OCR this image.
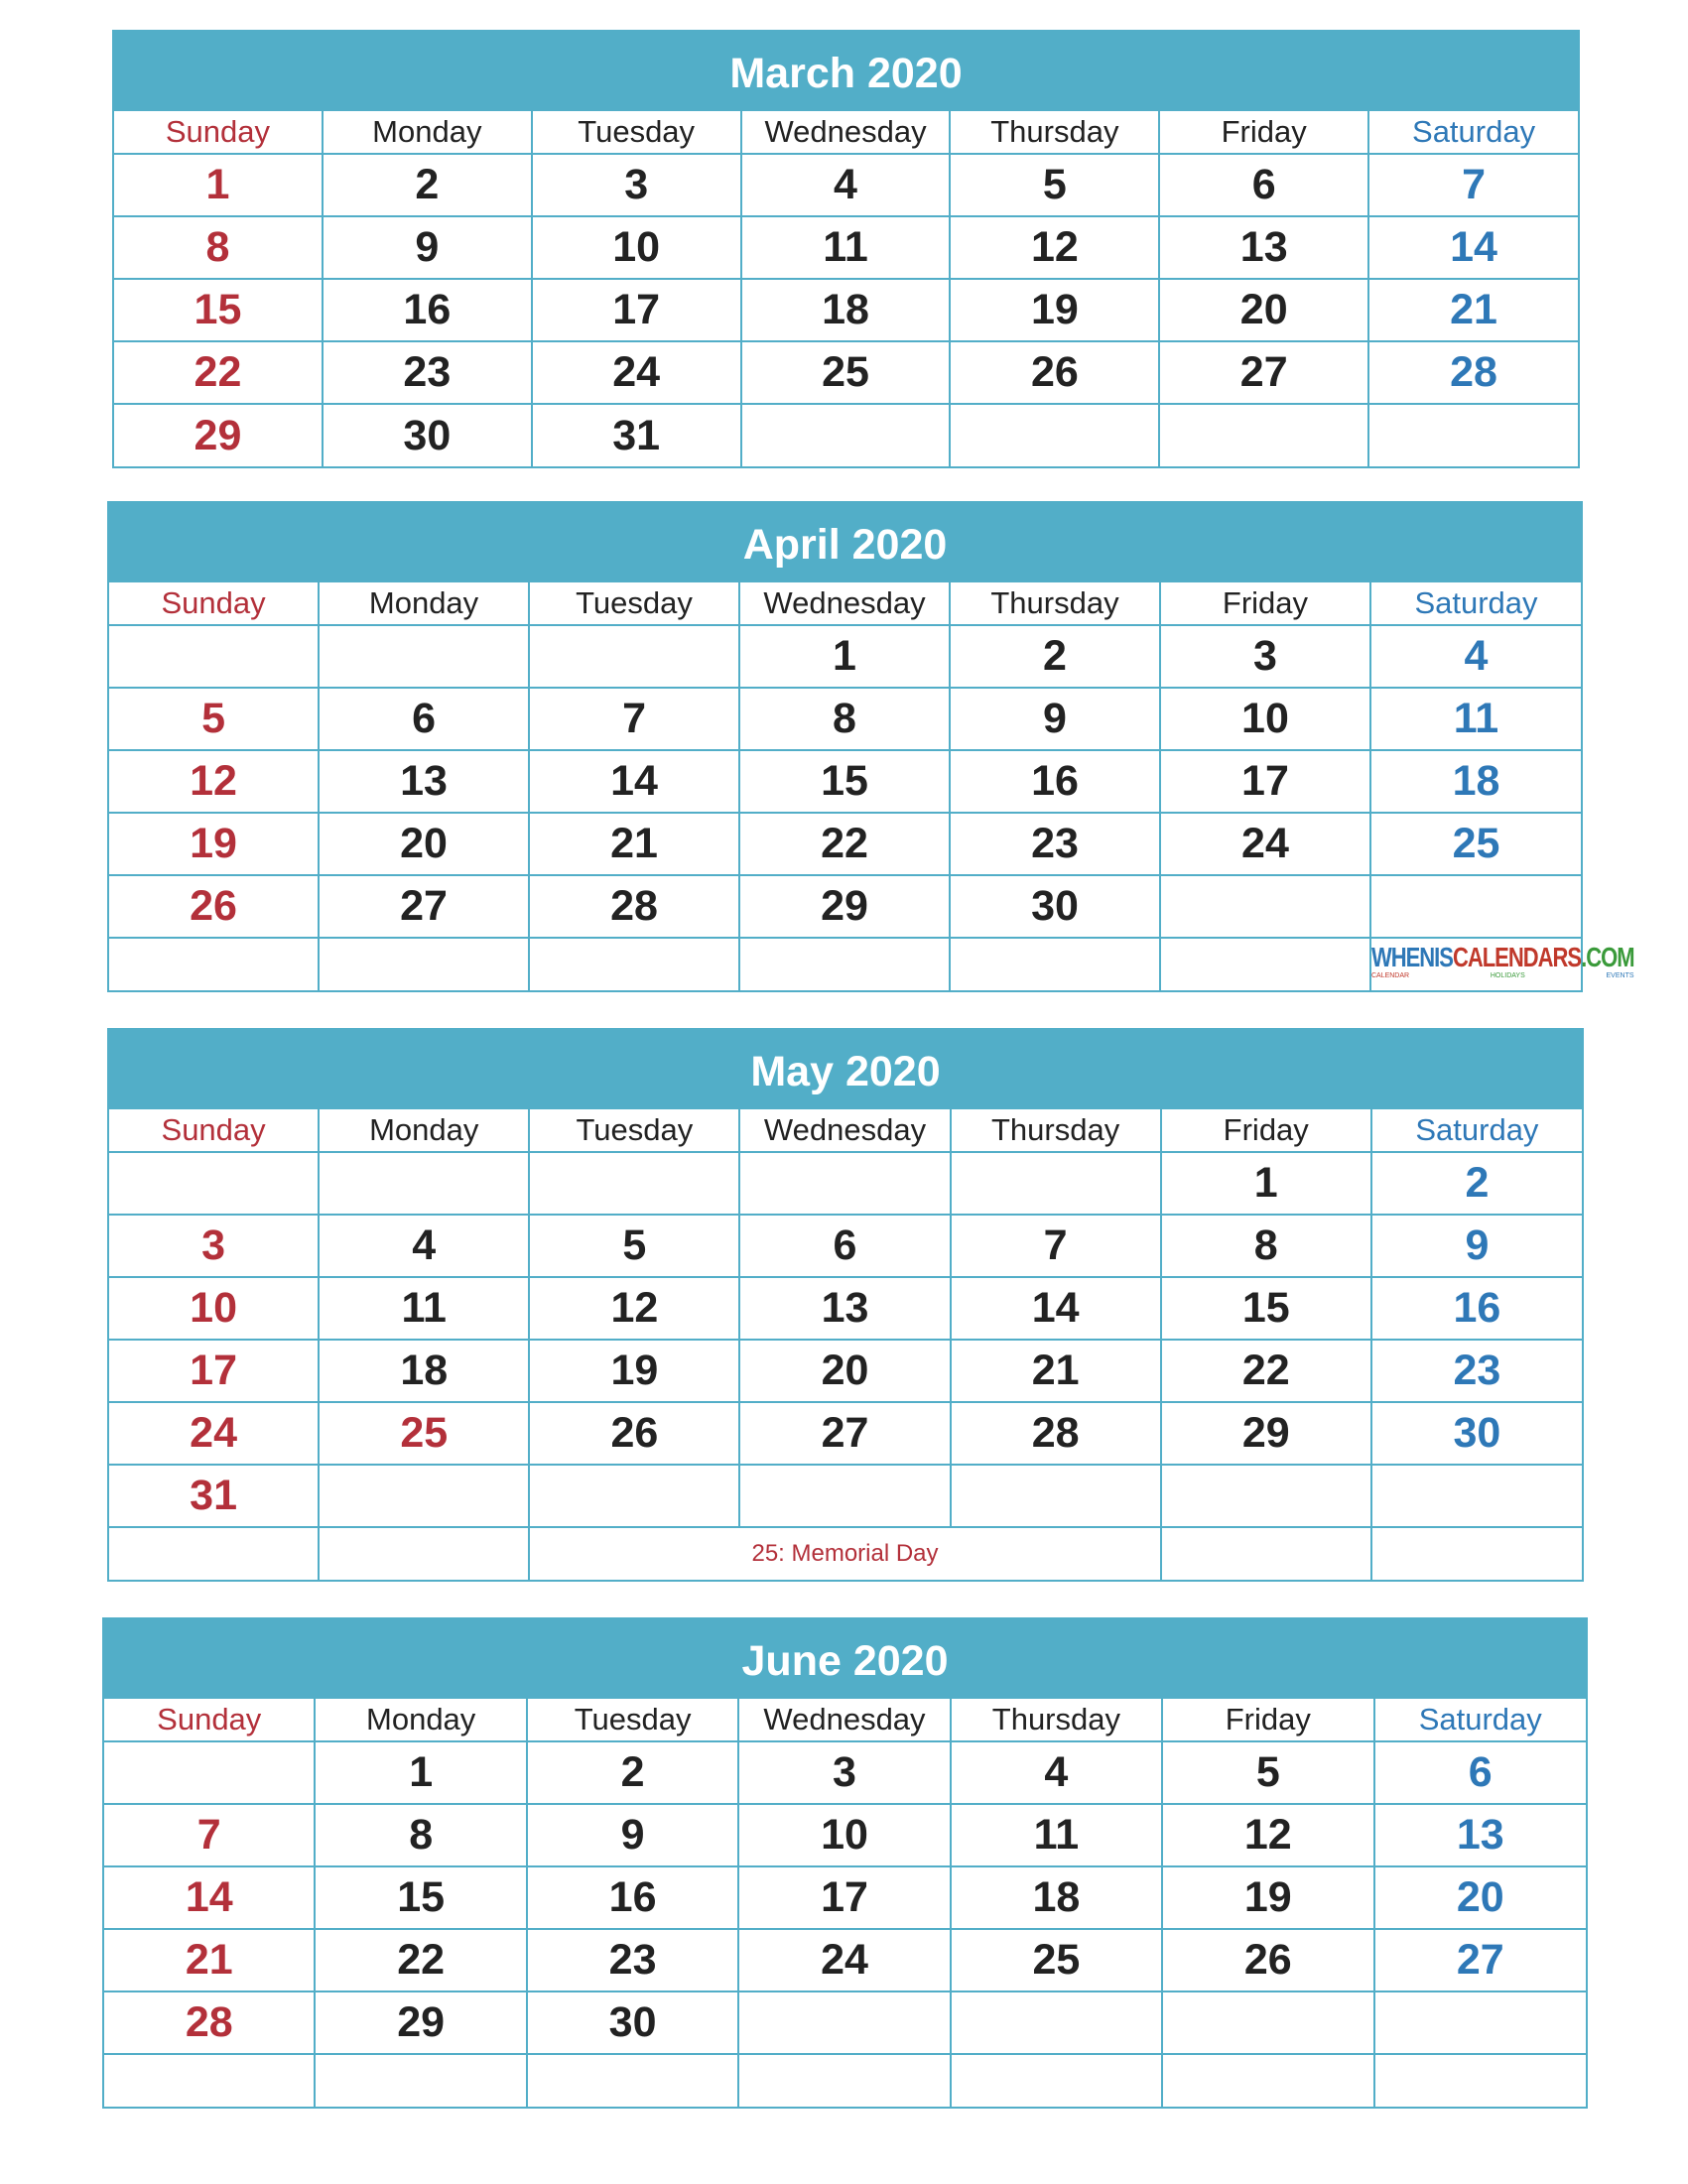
March 2020
Sunday	Monday	Tuesday	Wednesday	Thursday	Friday	Saturday
1	2	3	4	5	6	7
8	9	10	11	12	13	14
15	16	17	18	19	20	21
22	23	24	25	26	27	28
29	30	31				
April 2020
Sunday	Monday	Tuesday	Wednesday	Thursday	Friday	Saturday
			1	2	3	4
5	6	7	8	9	10	11
12	13	14	15	16	17	18
19	20	21	22	23	24	25
26	27	28	29	30		
						WHENISCALENDARS.COM
CALENDAR HOLIDAYS EVENTS
May 2020
Sunday	Monday	Tuesday	Wednesday	Thursday	Friday	Saturday
					1	2
3	4	5	6	7	8	9
10	11	12	13	14	15	16
17	18	19	20	21	22	23
24	25	26	27	28	29	30
31						
		25: Memorial Day				
June 2020
Sunday	Monday	Tuesday	Wednesday	Thursday	Friday	Saturday
	1	2	3	4	5	6
7	8	9	10	11	12	13
14	15	16	17	18	19	20
21	22	23	24	25	26	27
28	29	30				
